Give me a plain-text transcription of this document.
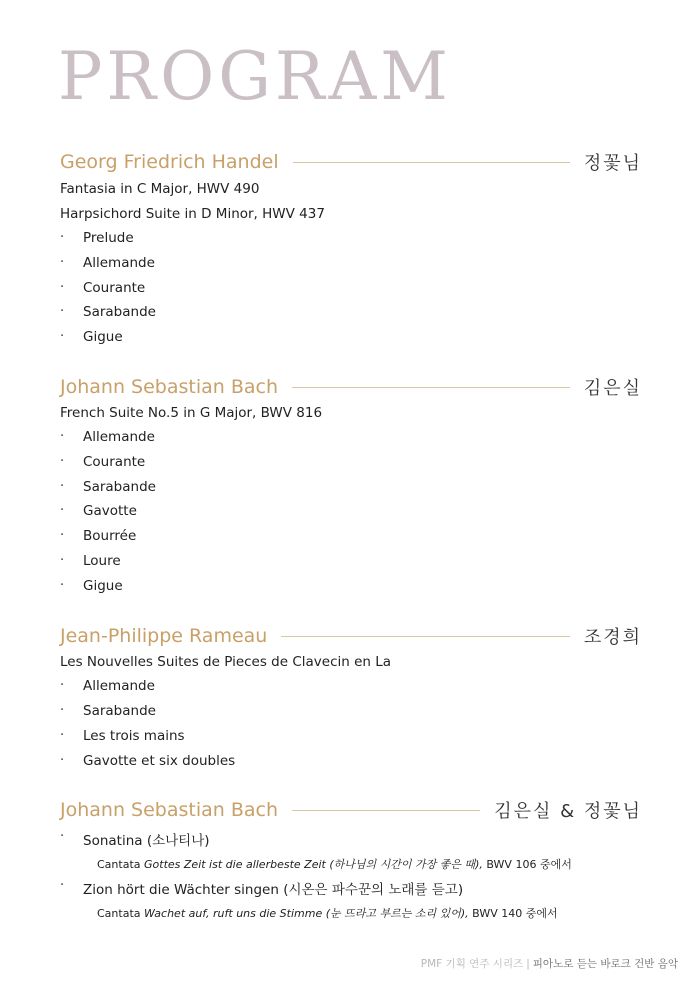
PROGRAM
Georg Friedrich Handel	정꽃님
Fantasia in C Major, HWV 490
Harpsichord Suite in D Minor, HWV 437
· Prelude
· Allemande
· Courante
· Sarabande
· Gigue
Johann Sebastian Bach	김은실
French Suite No.5 in G Major, BWV 816
· Allemande
· Courante
· Sarabande
· Gavotte
· Bourrée
· Loure
· Gigue
Jean-Philippe Rameau	조경희
Les Nouvelles Suites de Pieces de Clavecin en La
· Allemande
· Sarabande
· Les trois mains
· Gavotte et six doubles
Johann Sebastian Bach	김은실 & 정꽃님
· Sonatina (소나티나)
Cantata Gottes Zeit ist die allerbeste Zeit (하나님의 시간이 가장 좋은 때), BWV 106 중에서
· Zion hört die Wächter singen (시온은 파수꾼의 노래를 듣고)
Cantata Wachet auf, ruft uns die Stimme (눈 뜨라고 부르는 소리 있어), BWV 140 중에서
PMF 기획 연주 시리즈 | 피아노로 듣는 바로크 건반 음악
